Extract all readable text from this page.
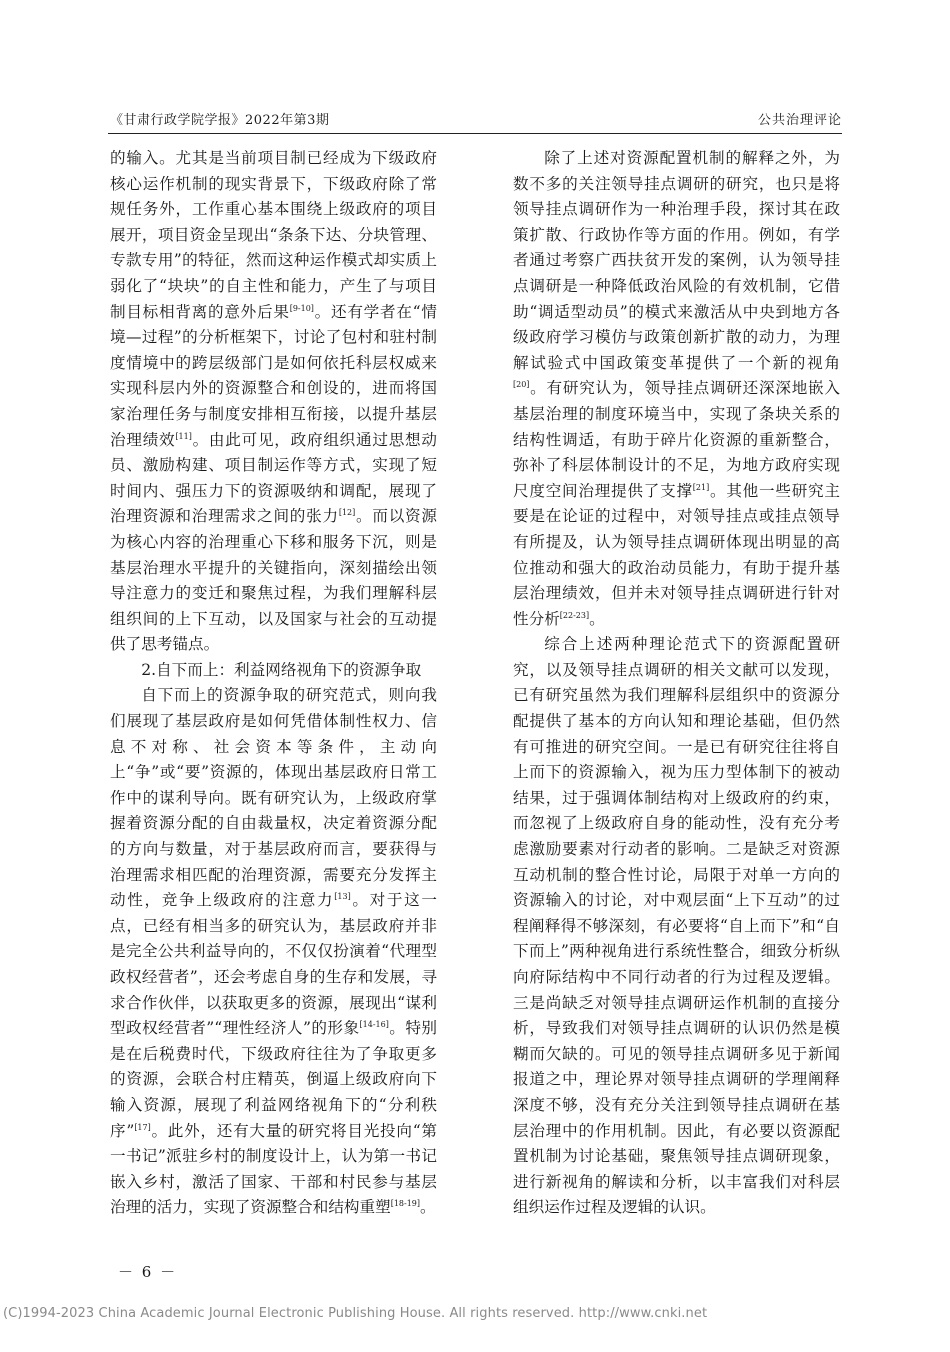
《甘肃行政学院学报》2022年第3期	公共治理评论

的输入。尤其是当前项目制已经成为下级政府核心运作机制的现实背景下，下级政府除了常规任务外，工作重心基本围绕上级政府的项目展开，项目资金呈现出“条条下达、分块管理、专款专用”的特征，然而这种运作模式却实质上弱化了“块块”的自主性和能力，产生了与项目制目标相背离的意外后果[9-10]。还有学者在“情境—过程”的分析框架下，讨论了包村和驻村制度情境中的跨层级部门是如何依托科层权威来实现科层内外的资源整合和创设的，进而将国家治理任务与制度安排相互衔接，以提升基层治理绩效[11]。由此可见，政府组织通过思想动员、激励构建、项目制运作等方式，实现了短时间内、强压力下的资源吸纳和调配，展现了治理资源和治理需求之间的张力[12]。而以资源为核心内容的治理重心下移和服务下沉，则是基层治理水平提升的关键指向，深刻描绘出领导注意力的变迁和聚焦过程，为我们理解科层组织间的上下互动，以及国家与社会的互动提供了思考锚点。

2.自下而上：利益网络视角下的资源争取

自下而上的资源争取的研究范式，则向我们展现了基层政府是如何凭借体制性权力、信息不对称、社会资本等条件，主动向上“争”或“要”资源的，体现出基层政府日常工作中的谋利导向。既有研究认为，上级政府掌握着资源分配的自由裁量权，决定着资源分配的方向与数量，对于基层政府而言，要获得与治理需求相匹配的治理资源，需要充分发挥主动性，竞争上级政府的注意力[13]。对于这一点，已经有相当多的研究认为，基层政府并非是完全公共利益导向的，不仅仅扮演着“代理型政权经营者”，还会考虑自身的生存和发展，寻求合作伙伴，以获取更多的资源，展现出“谋利型政权经营者”“理性经济人”的形象[14-16]。特别是在后税费时代，下级政府往往为了争取更多的资源，会联合村庄精英，倒逼上级政府向下输入资源，展现了利益网络视角下的“分利秩序”[17]。此外，还有大量的研究将目光投向“第一书记”派驻乡村的制度设计上，认为第一书记嵌入乡村，激活了国家、干部和村民参与基层治理的活力，实现了资源整合和结构重塑[18-19]。

除了上述对资源配置机制的解释之外，为数不多的关注领导挂点调研的研究，也只是将领导挂点调研作为一种治理手段，探讨其在政策扩散、行政协作等方面的作用。例如，有学者通过考察广西扶贫开发的案例，认为领导挂点调研是一种降低政治风险的有效机制，它借助“调适型动员”的模式来激活从中央到地方各级政府学习模仿与政策创新扩散的动力，为理解试验式中国政策变革提供了一个新的视角[20]。有研究认为，领导挂点调研还深深地嵌入基层治理的制度环境当中，实现了条块关系的结构性调适，有助于碎片化资源的重新整合，弥补了科层体制设计的不足，为地方政府实现尺度空间治理提供了支撑[21]。其他一些研究主要是在论证的过程中，对领导挂点或挂点领导有所提及，认为领导挂点调研体现出明显的高位推动和强大的政治动员能力，有助于提升基层治理绩效，但并未对领导挂点调研进行针对性分析[22-23]。

综合上述两种理论范式下的资源配置研究，以及领导挂点调研的相关文献可以发现，已有研究虽然为我们理解科层组织中的资源分配提供了基本的方向认知和理论基础，但仍然有可推进的研究空间。一是已有研究往往将自上而下的资源输入，视为压力型体制下的被动结果，过于强调体制结构对上级政府的约束，而忽视了上级政府自身的能动性，没有充分考虑激励要素对行动者的影响。二是缺乏对资源互动机制的整合性讨论，局限于对单一方向的资源输入的讨论，对中观层面“上下互动”的过程阐释得不够深刻，有必要将“自上而下”和“自下而上”两种视角进行系统性整合，细致分析纵向府际结构中不同行动者的行为过程及逻辑。三是尚缺乏对领导挂点调研运作机制的直接分析，导致我们对领导挂点调研的认识仍然是模糊而欠缺的。可见的领导挂点调研多见于新闻报道之中，理论界对领导挂点调研的学理阐释深度不够，没有充分关注到领导挂点调研在基层治理中的作用机制。因此，有必要以资源配置机制为讨论基础，聚焦领导挂点调研现象，进行新视角的解读和分析，以丰富我们对科层组织运作过程及逻辑的认识。

－ 6 －
(C)1994-2023 China Academic Journal Electronic Publishing House. All rights reserved. http://www.cnki.net
